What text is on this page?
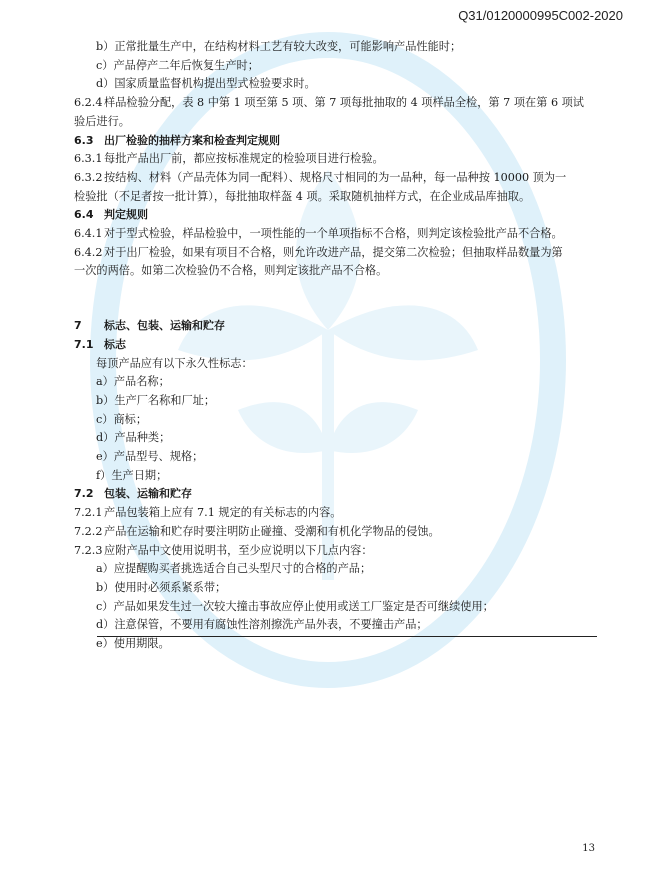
Q31/0120000995C002-2020
b）正常批量生产中，在结构材料工艺有较大改变，可能影响产品性能时；
c）产品停产二年后恢复生产时；
d）国家质量监督机构提出型式检验要求时。
6.2.4 样品检验分配，表 8 中第 1 项至第 5 项、第 7 项每批抽取的 4 项样品全检，第 7 项在第 6 项试
验后进行。
6.3 出厂检验的抽样方案和检查判定规则
6.3.1 每批产品出厂前，都应按标准规定的检验项目进行检验。
6.3.2 按结构、材料（产品壳体为同一配料）、规格尺寸相同的为一品种，每一品种按 10000 顶为一
检验批（不足者按一批计算），每批抽取样盔 4 项。采取随机抽样方式，在企业成品库抽取。
6.4 判定规则
6.4.1 对于型式检验，样品检验中，一项性能的一个单项指标不合格，则判定该检验批产品不合格。
6.4.2 对于出厂检验，如果有项目不合格，则允许改进产品，提交第二次检验；但抽取样品数量为第
一次的两倍。如第二次检验仍不合格，则判定该批产品不合格。
7 标志、包装、运输和贮存
7.1 标志
每顶产品应有以下永久性标志：
a）产品名称；
b）生产厂名称和厂址；
c）商标；
d）产品种类；
e）产品型号、规格；
f）生产日期；
7.2 包装、运输和贮存
7.2.1 产品包装箱上应有 7.1 规定的有关标志的内容。
7.2.2 产品在运输和贮存时要注明防止碰撞、受潮和有机化学物品的侵蚀。
7.2.3 应附产品中文使用说明书，至少应说明以下几点内容：
a）应提醒购买者挑选适合自己头型尺寸的合格的产品；
b）使用时必须系紧系带；
c）产品如果发生过一次较大撞击事故应停止使用或送工厂鉴定是否可继续使用；
d）注意保管，不要用有腐蚀性溶剂擦洗产品外表，不要撞击产品；
e）使用期限。
13
